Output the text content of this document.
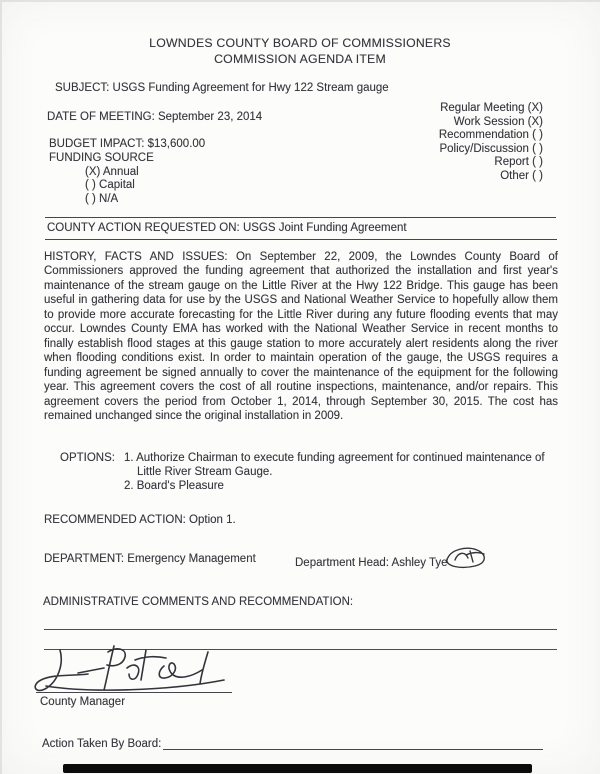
LOWNDES COUNTY BOARD OF COMMISSIONERS
COMMISSION AGENDA ITEM
SUBJECT: USGS Funding Agreement for Hwy 122 Stream gauge
DATE OF MEETING: September 23, 2014
Regular Meeting (X)
Work Session (X)
Recommendation ( )
Policy/Discussion ( )
Report ( )
Other ( )
BUDGET IMPACT: $13,600.00
FUNDING SOURCE
(X) Annual
( ) Capital
( ) N/A
COUNTY ACTION REQUESTED ON: USGS Joint Funding Agreement
HISTORY, FACTS AND ISSUES: On September 22, 2009, the Lowndes County Board of Commissioners approved the funding agreement that authorized the installation and first year's maintenance of the stream gauge on the Little River at the Hwy 122 Bridge. This gauge has been useful in gathering data for use by the USGS and National Weather Service to hopefully allow them to provide more accurate forecasting for the Little River during any future flooding events that may occur. Lowndes County EMA has worked with the National Weather Service in recent months to finally establish flood stages at this gauge station to more accurately alert residents along the river when flooding conditions exist. In order to maintain operation of the gauge, the USGS requires a funding agreement be signed annually to cover the maintenance of the equipment for the following year. This agreement covers the cost of all routine inspections, maintenance, and/or repairs. This agreement covers the period from October 1, 2014, through September 30, 2015. The cost has remained unchanged since the original installation in 2009.
OPTIONS: 1. Authorize Chairman to execute funding agreement for continued maintenance of Little River Stream Gauge.
2. Board's Pleasure
RECOMMENDED ACTION: Option 1.
DEPARTMENT: Emergency Management	Department Head: Ashley Tye
ADMINISTRATIVE COMMENTS AND RECOMMENDATION:
County Manager
Action Taken By Board:
